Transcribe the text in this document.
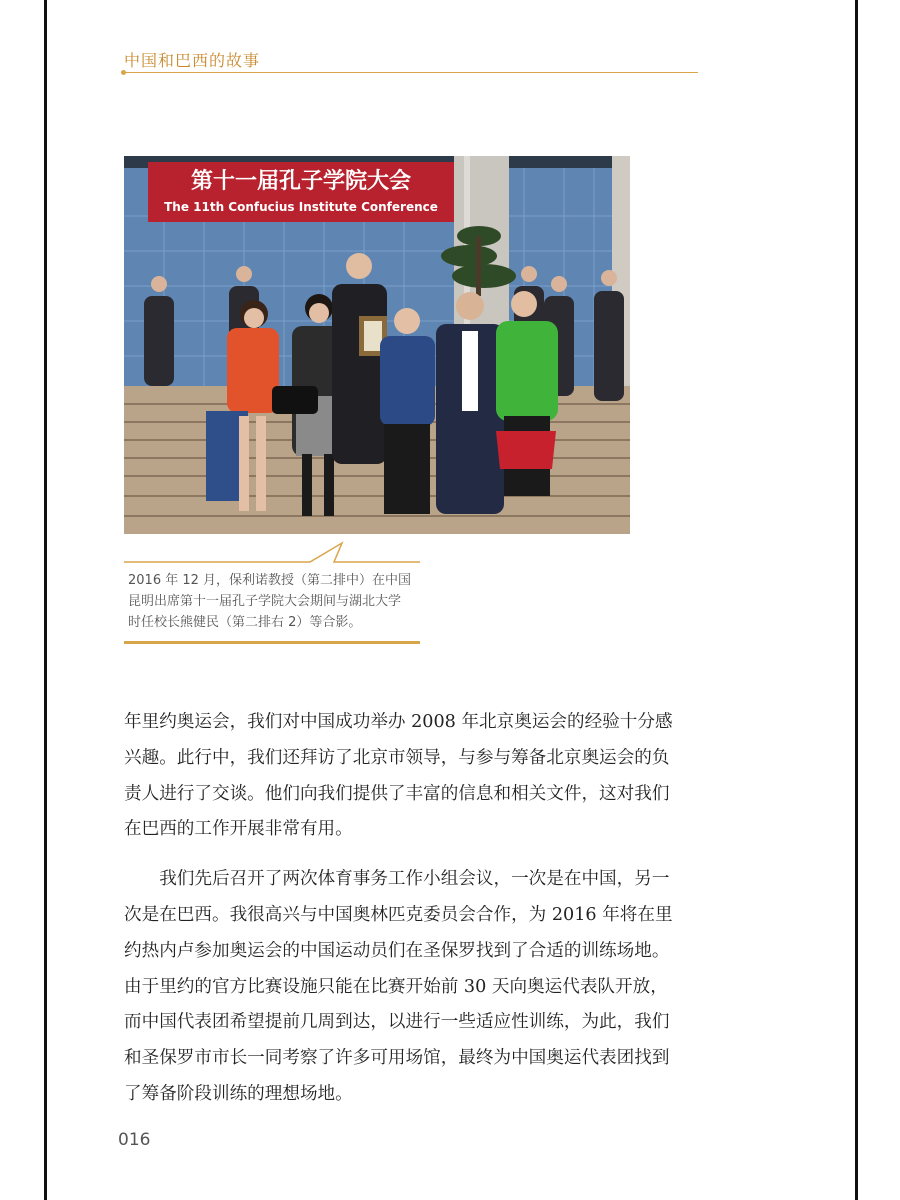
中国和巴西的故事
第十一届孔子学院大会
The 11th Confucius Institute Conference
2016 年 12 月，保利诺教授（第二排中）在中国
昆明出席第十一届孔子学院大会期间与湖北大学
时任校长熊健民（第二排右 2）等合影。
年里约奥运会，我们对中国成功举办 2008 年北京奥运会的经验十分感
兴趣。此行中，我们还拜访了北京市领导，与参与筹备北京奥运会的负
责人进行了交谈。他们向我们提供了丰富的信息和相关文件，这对我们
在巴西的工作开展非常有用。
　　我们先后召开了两次体育事务工作小组会议，一次是在中国，另一
次是在巴西。我很高兴与中国奥林匹克委员会合作，为 2016 年将在里
约热内卢参加奥运会的中国运动员们在圣保罗找到了合适的训练场地。
由于里约的官方比赛设施只能在比赛开始前 30 天向奥运代表队开放，
而中国代表团希望提前几周到达，以进行一些适应性训练，为此，我们
和圣保罗市市长一同考察了许多可用场馆，最终为中国奥运代表团找到
了筹备阶段训练的理想场地。
016
